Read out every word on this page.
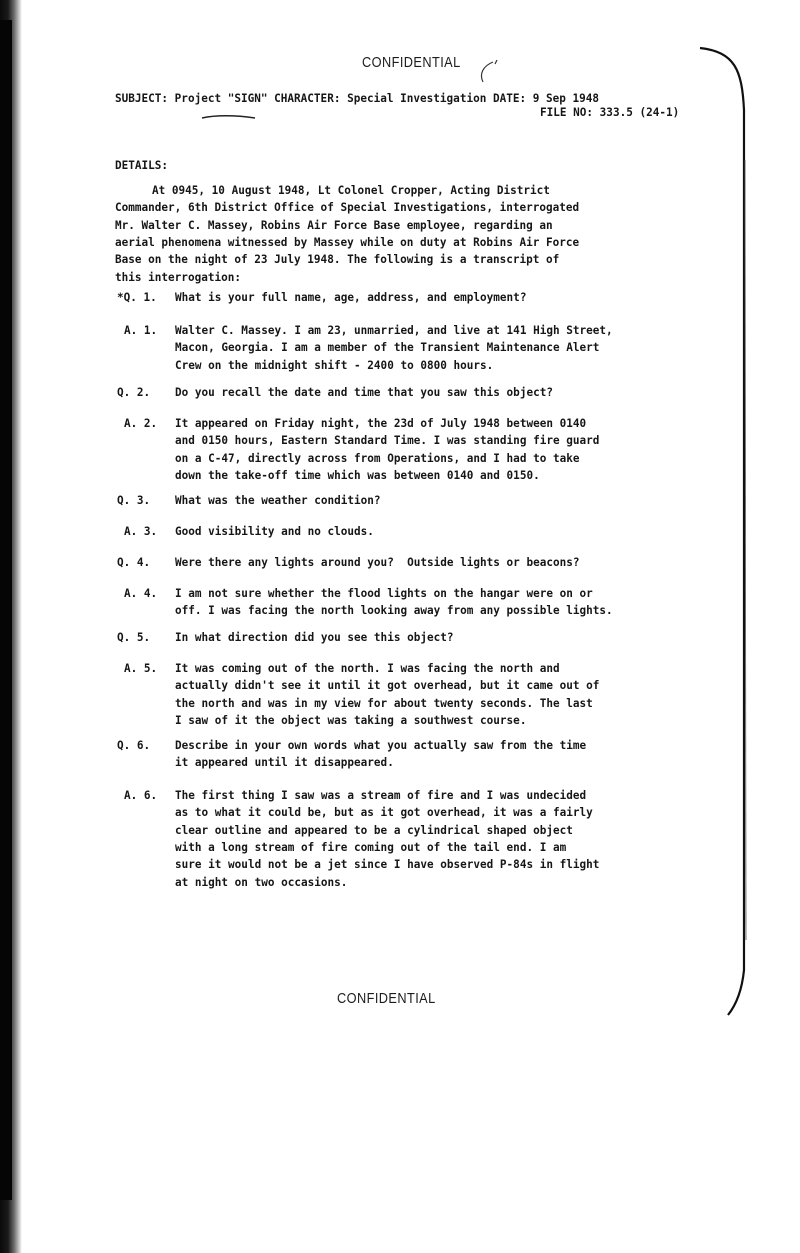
CONFIDENTIAL
SUBJECT: Project "SIGN" CHARACTER: Special Investigation DATE: 9 Sep 1948
FILE NO: 333.5 (24-1)
DETAILS:
At 0945, 10 August 1948, Lt Colonel Cropper, Acting District
Commander, 6th District Office of Special Investigations, interrogated
Mr. Walter C. Massey, Robins Air Force Base employee, regarding an
aerial phenomena witnessed by Massey while on duty at Robins Air Force
Base on the night of 23 July 1948. The following is a transcript of
this interrogation:
*Q. 1. What is your full name, age, address, and employment?
A. 1. Walter C. Massey. I am 23, unmarried, and live at 141 High Street,
Macon, Georgia. I am a member of the Transient Maintenance Alert
Crew on the midnight shift - 2400 to 0800 hours.
Q. 2. Do you recall the date and time that you saw this object?
A. 2. It appeared on Friday night, the 23d of July 1948 between 0140
and 0150 hours, Eastern Standard Time. I was standing fire guard
on a C-47, directly across from Operations, and I had to take
down the take-off time which was between 0140 and 0150.
Q. 3. What was the weather condition?
A. 3. Good visibility and no clouds.
Q. 4. Were there any lights around you?  Outside lights or beacons?
A. 4. I am not sure whether the flood lights on the hangar were on or
off. I was facing the north looking away from any possible lights.
Q. 5. In what direction did you see this object?
A. 5. It was coming out of the north. I was facing the north and
actually didn't see it until it got overhead, but it came out of
the north and was in my view for about twenty seconds. The last
I saw of it the object was taking a southwest course.
Q. 6. Describe in your own words what you actually saw from the time
it appeared until it disappeared.
A. 6. The first thing I saw was a stream of fire and I was undecided
as to what it could be, but as it got overhead, it was a fairly
clear outline and appeared to be a cylindrical shaped object
with a long stream of fire coming out of the tail end. I am
sure it would not be a jet since I have observed P-84s in flight
at night on two occasions.
CONFIDENTIAL
